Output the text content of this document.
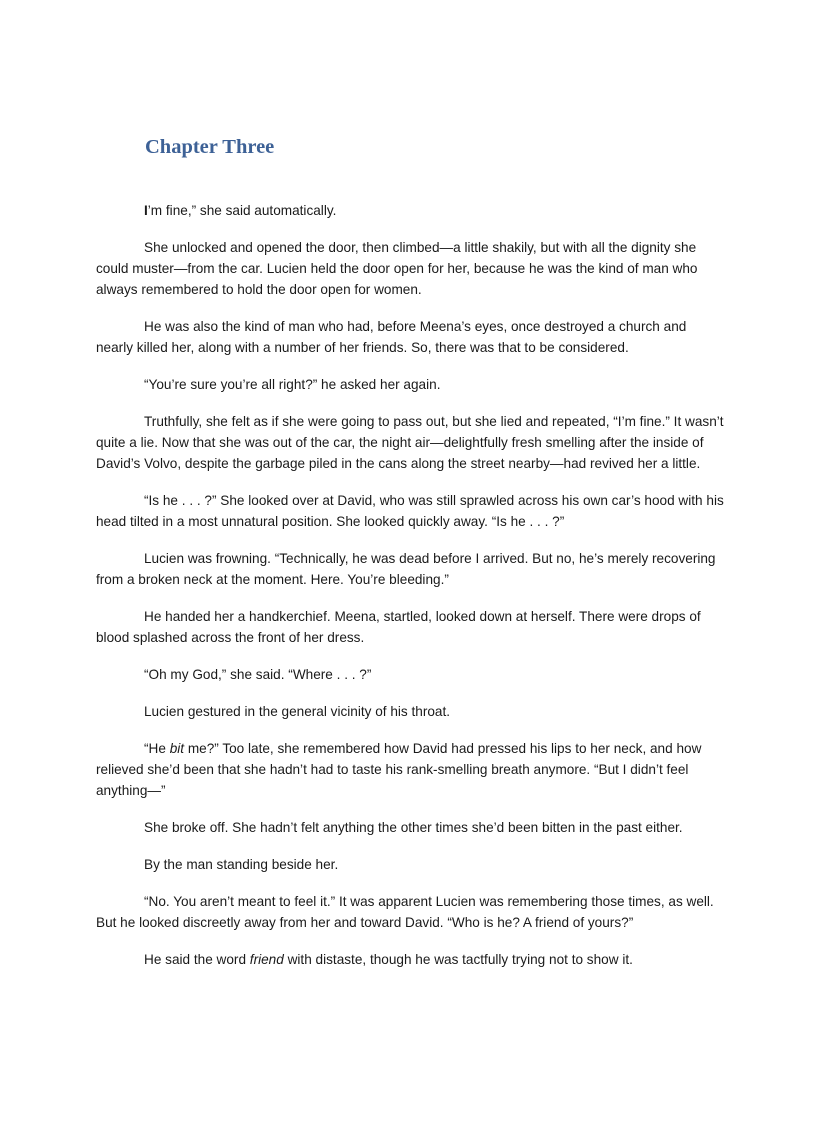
Chapter Three

I’m fine,” she said automatically.

She unlocked and opened the door, then climbed—a little shakily, but with all the dignity she could muster—from the car. Lucien held the door open for her, because he was the kind of man who always remembered to hold the door open for women.

He was also the kind of man who had, before Meena’s eyes, once destroyed a church and nearly killed her, along with a number of her friends. So, there was that to be considered.

“You’re sure you’re all right?” he asked her again.

Truthfully, she felt as if she were going to pass out, but she lied and repeated, “I’m fine.” It wasn’t quite a lie. Now that she was out of the car, the night air—delightfully fresh smelling after the inside of David’s Volvo, despite the garbage piled in the cans along the street nearby—had revived her a little.

“Is he . . . ?” She looked over at David, who was still sprawled across his own car’s hood with his head tilted in a most unnatural position. She looked quickly away. “Is he . . . ?”

Lucien was frowning. “Technically, he was dead before I arrived. But no, he’s merely recovering from a broken neck at the moment. Here. You’re bleeding.”

He handed her a handkerchief. Meena, startled, looked down at herself. There were drops of blood splashed across the front of her dress.

“Oh my God,” she said. “Where . . . ?”

Lucien gestured in the general vicinity of his throat.

“He bit me?” Too late, she remembered how David had pressed his lips to her neck, and how relieved she’d been that she hadn’t had to taste his rank-smelling breath anymore. “But I didn’t feel anything—”

She broke off. She hadn’t felt anything the other times she’d been bitten in the past either.

By the man standing beside her.

“No. You aren’t meant to feel it.” It was apparent Lucien was remembering those times, as well. But he looked discreetly away from her and toward David. “Who is he? A friend of yours?”

He said the word friend with distaste, though he was tactfully trying not to show it.
